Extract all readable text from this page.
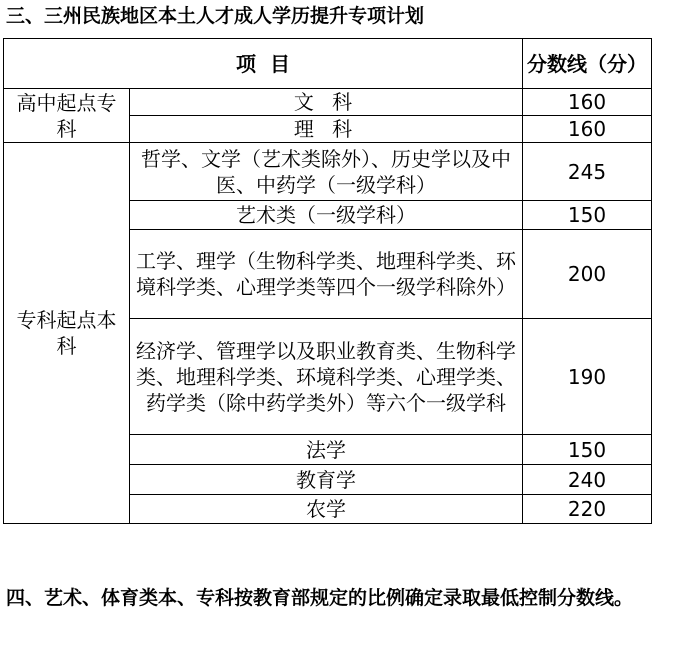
三、三州民族地区本土人才成人学历提升专项计划
项  目		分数线（分）
高中起点专科	文 科	160
	理 科	160
专科起点本科	哲学、文学（艺术类除外）、历史学以及中医、中药学（一级学科）	245
	艺术类（一级学科）	150
	工学、理学（生物科学类、地理科学类、环境科学类、心理学类等四个一级学科除外）	200
	经济学、管理学以及职业教育类、生物科学类、地理科学类、环境科学类、心理学类、药学类（除中药学类外）等六个一级学科	190
	法学	150
	教育学	240
	农学	220
四、艺术、体育类本、专科按教育部规定的比例确定录取最低控制分数线。
